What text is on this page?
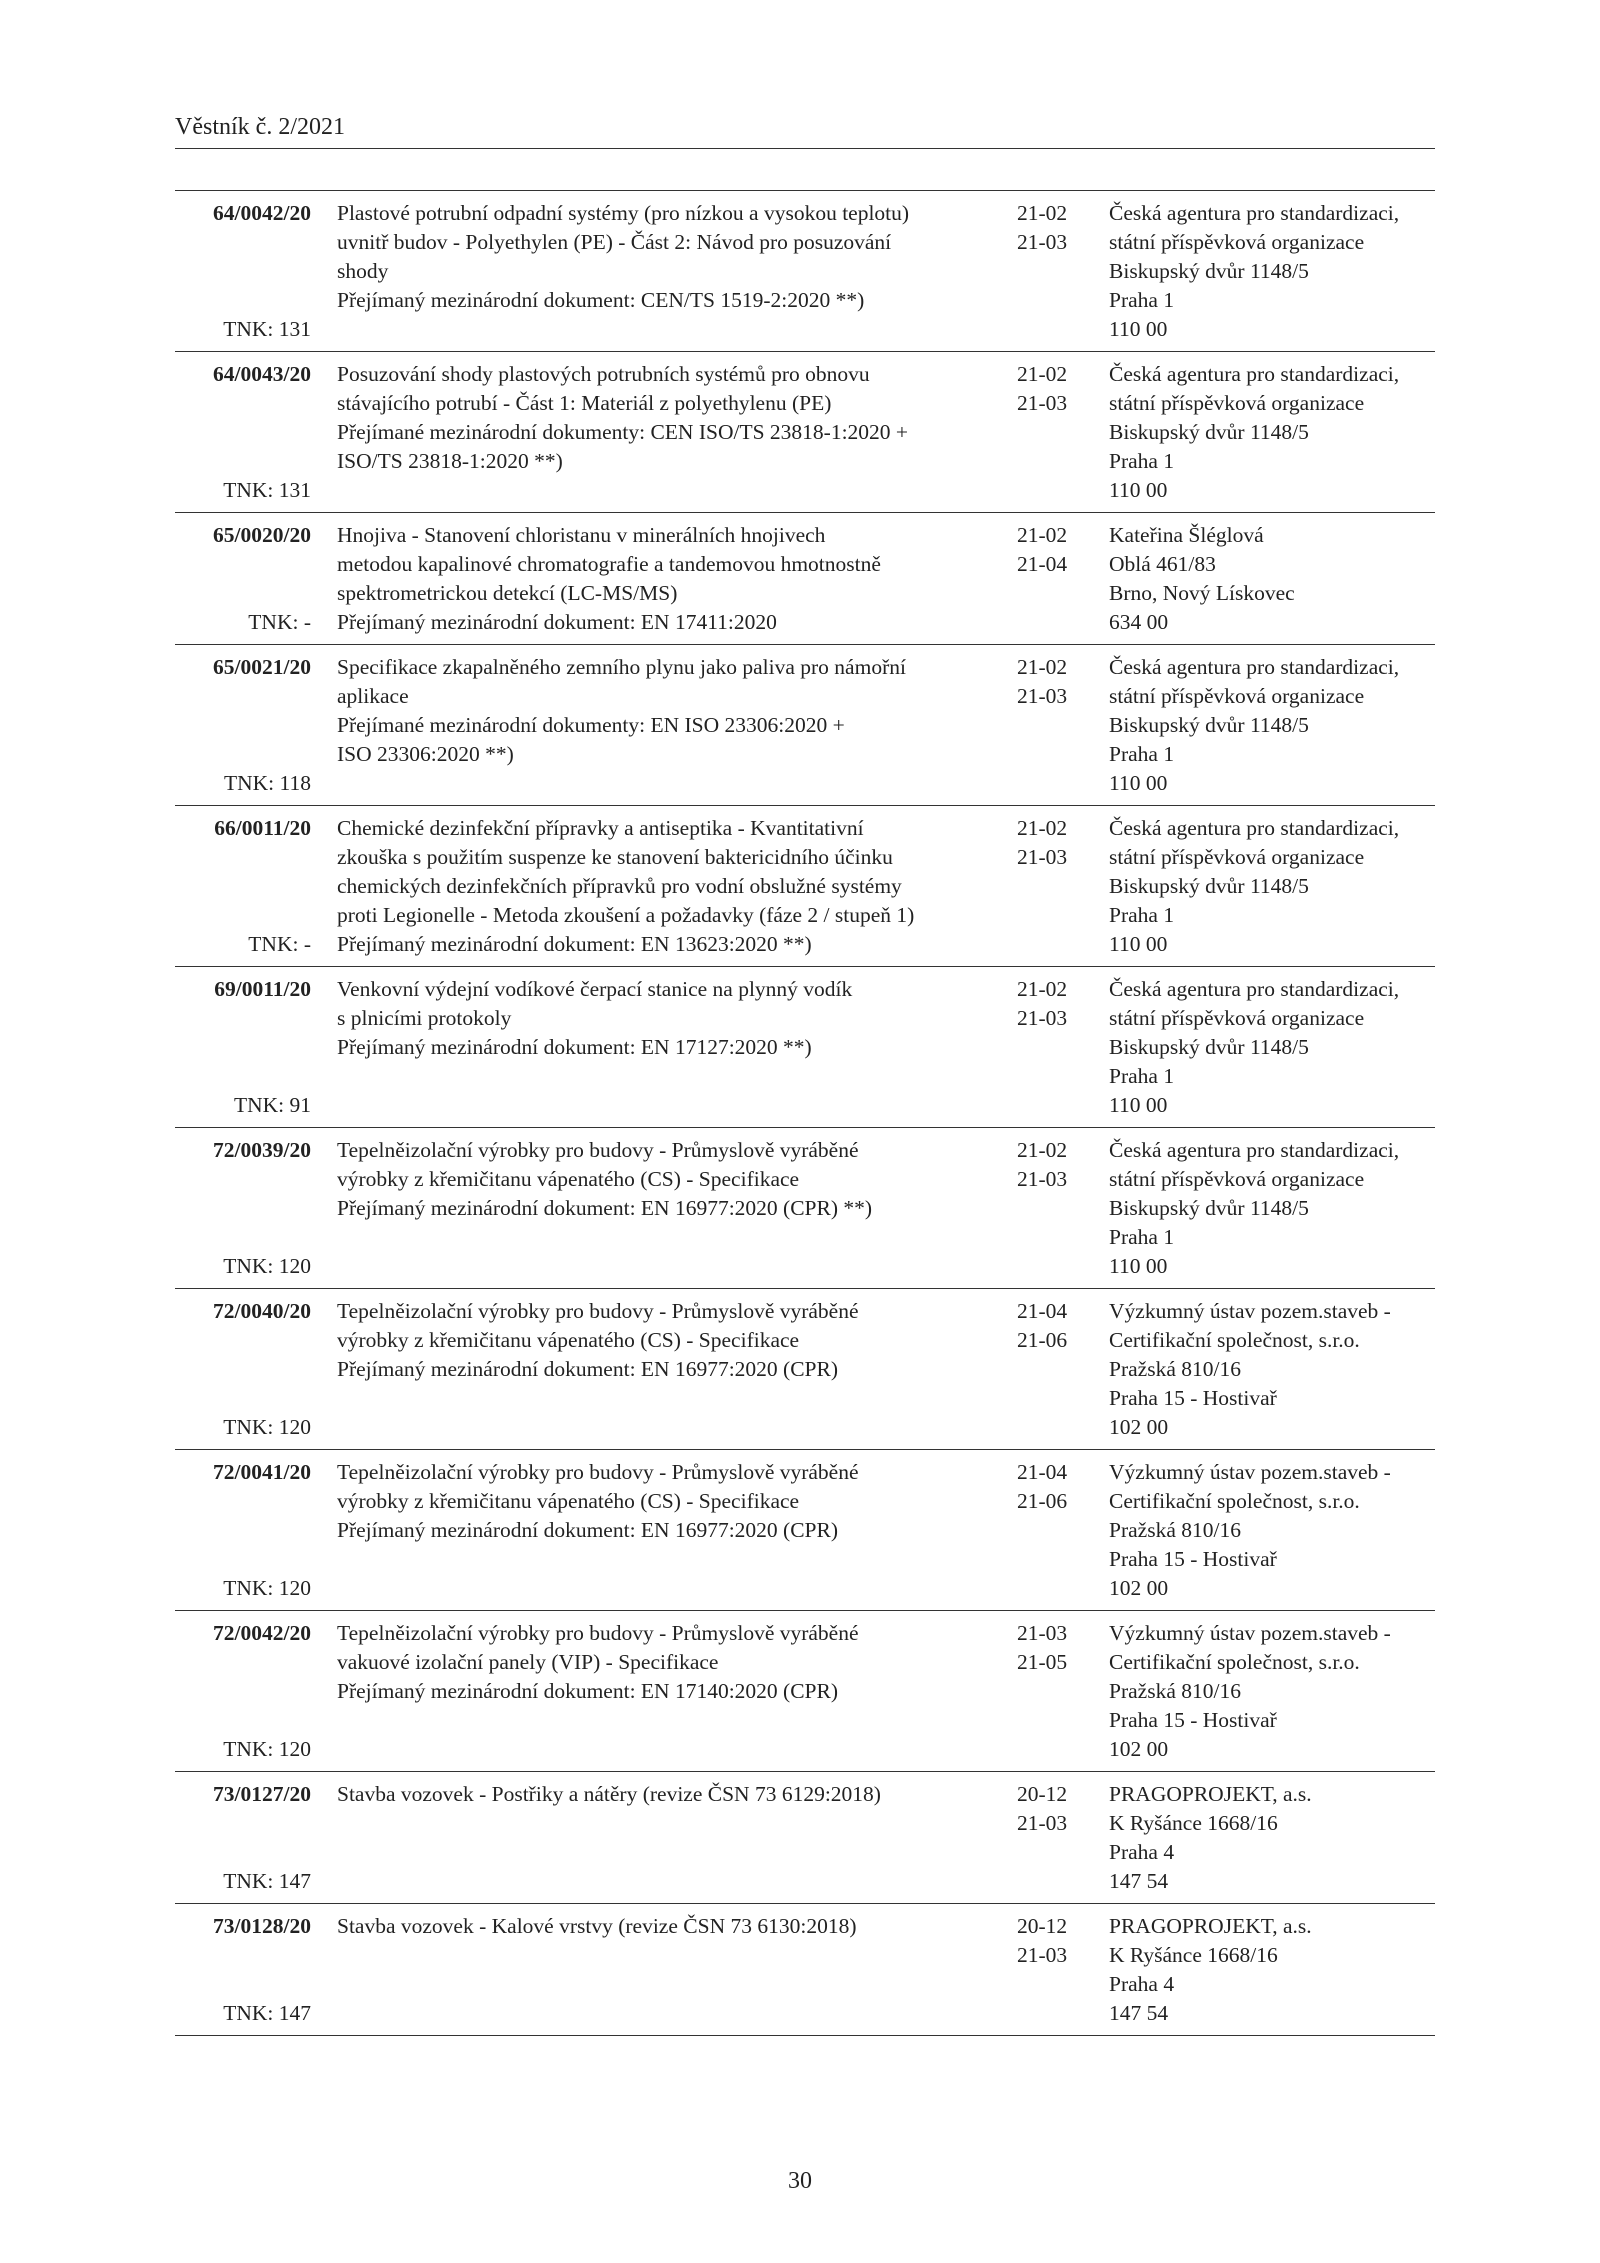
Věstník č. 2/2021
64/0042/20
TNK: 131
Plastové potrubní odpadní systémy (pro nízkou a vysokou teplotu)
uvnitř budov - Polyethylen (PE) - Část 2: Návod pro posuzování
shody
Přejímaný mezinárodní dokument: CEN/TS 1519-2:2020 **)
21-02
21-03
Česká agentura pro standardizaci,
státní příspěvková organizace
Biskupský dvůr 1148/5
Praha 1
110 00
64/0043/20
TNK: 131
Posuzování shody plastových potrubních systémů pro obnovu
stávajícího potrubí - Část 1: Materiál z polyethylenu (PE)
Přejímané mezinárodní dokumenty: CEN ISO/TS 23818-1:2020 +
ISO/TS 23818-1:2020 **)
21-02
21-03
Česká agentura pro standardizaci,
státní příspěvková organizace
Biskupský dvůr 1148/5
Praha 1
110 00
65/0020/20
TNK: -
Hnojiva - Stanovení chloristanu v minerálních hnojivech
metodou kapalinové chromatografie a tandemovou hmotnostně
spektrometrickou detekcí (LC-MS/MS)
Přejímaný mezinárodní dokument: EN 17411:2020
21-02
21-04
Kateřina Šléglová
Oblá 461/83
Brno, Nový Lískovec
634 00
65/0021/20
TNK: 118
Specifikace zkapalněného zemního plynu jako paliva pro námořní
aplikace
Přejímané mezinárodní dokumenty: EN ISO 23306:2020 +
ISO 23306:2020 **)
21-02
21-03
Česká agentura pro standardizaci,
státní příspěvková organizace
Biskupský dvůr 1148/5
Praha 1
110 00
66/0011/20
TNK: -
Chemické dezinfekční přípravky a antiseptika - Kvantitativní
zkouška s použitím suspenze ke stanovení baktericidního účinku
chemických dezinfekčních přípravků pro vodní obslužné systémy
proti Legionelle - Metoda zkoušení a požadavky (fáze 2 / stupeň 1)
Přejímaný mezinárodní dokument: EN 13623:2020 **)
21-02
21-03
Česká agentura pro standardizaci,
státní příspěvková organizace
Biskupský dvůr 1148/5
Praha 1
110 00
69/0011/20
TNK: 91
Venkovní výdejní vodíkové čerpací stanice na plynný vodík
s plnicími protokoly
Přejímaný mezinárodní dokument: EN 17127:2020 **)
21-02
21-03
Česká agentura pro standardizaci,
státní příspěvková organizace
Biskupský dvůr 1148/5
Praha 1
110 00
72/0039/20
TNK: 120
Tepelněizolační výrobky pro budovy - Průmyslově vyráběné
výrobky z křemičitanu vápenatého (CS) - Specifikace
Přejímaný mezinárodní dokument: EN 16977:2020 (CPR) **)
21-02
21-03
Česká agentura pro standardizaci,
státní příspěvková organizace
Biskupský dvůr 1148/5
Praha 1
110 00
72/0040/20
TNK: 120
Tepelněizolační výrobky pro budovy - Průmyslově vyráběné
výrobky z křemičitanu vápenatého (CS) - Specifikace
Přejímaný mezinárodní dokument: EN 16977:2020 (CPR)
21-04
21-06
Výzkumný ústav pozem.staveb -
Certifikační společnost, s.r.o.
Pražská 810/16
Praha 15 - Hostivař
102 00
72/0041/20
TNK: 120
Tepelněizolační výrobky pro budovy - Průmyslově vyráběné
výrobky z křemičitanu vápenatého (CS) - Specifikace
Přejímaný mezinárodní dokument: EN 16977:2020 (CPR)
21-04
21-06
Výzkumný ústav pozem.staveb -
Certifikační společnost, s.r.o.
Pražská 810/16
Praha 15 - Hostivař
102 00
72/0042/20
TNK: 120
Tepelněizolační výrobky pro budovy - Průmyslově vyráběné
vakuové izolační panely (VIP) - Specifikace
Přejímaný mezinárodní dokument: EN 17140:2020 (CPR)
21-03
21-05
Výzkumný ústav pozem.staveb -
Certifikační společnost, s.r.o.
Pražská 810/16
Praha 15 - Hostivař
102 00
73/0127/20
TNK: 147
Stavba vozovek - Postřiky a nátěry (revize ČSN 73 6129:2018)	20-12
21-03
PRAGOPROJEKT, a.s.
K Ryšánce 1668/16
Praha 4
147 54
73/0128/20
TNK: 147
Stavba vozovek - Kalové vrstvy (revize ČSN 73 6130:2018)	20-12
21-03
PRAGOPROJEKT, a.s.
K Ryšánce 1668/16
Praha 4
147 54
30
